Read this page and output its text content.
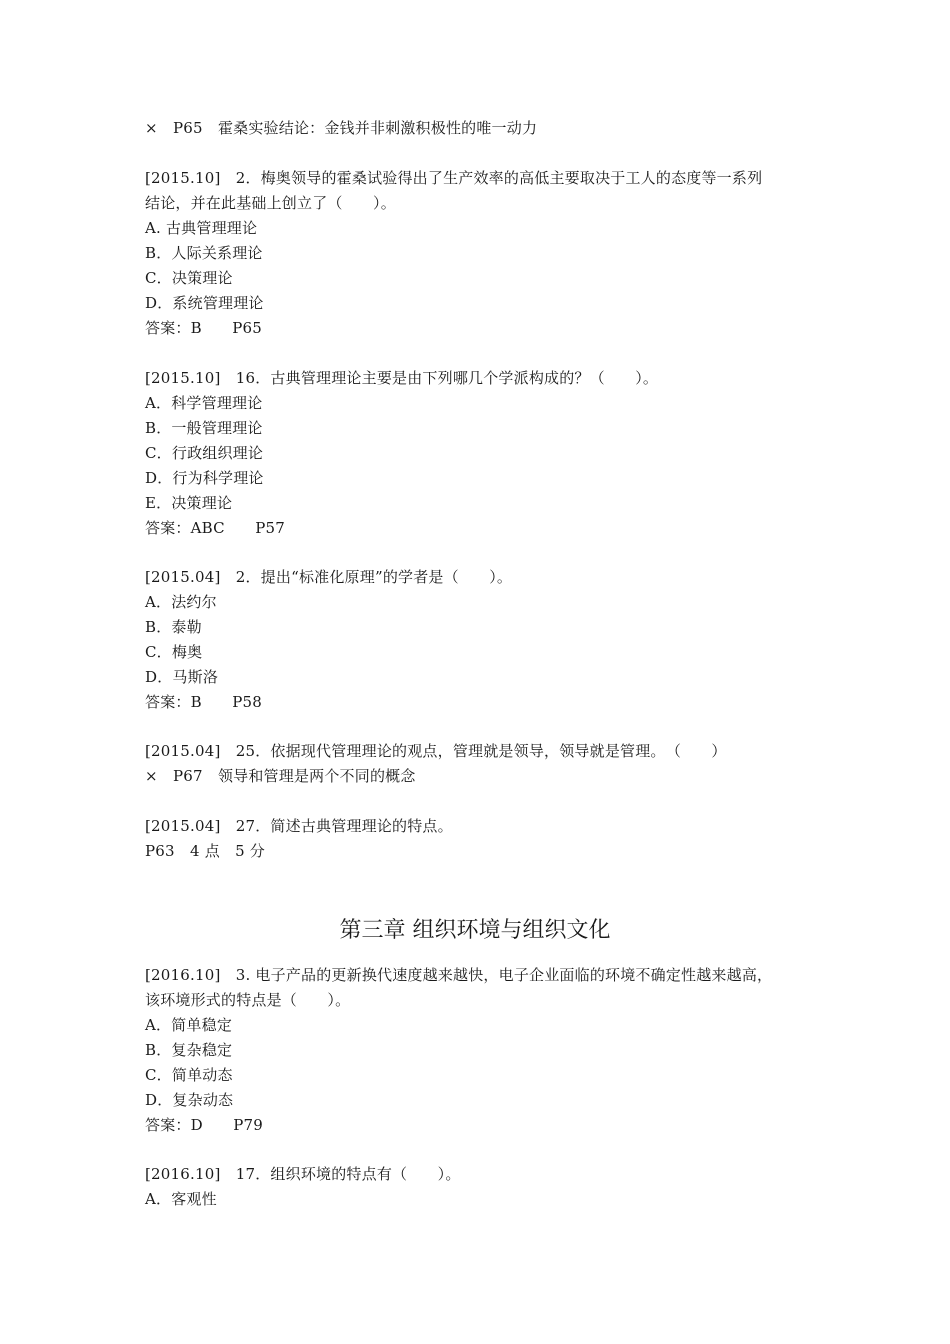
×　P65　霍桑实验结论：金钱并非刺激积极性的唯一动力
[2015.10]　2．梅奥领导的霍桑试验得出了生产效率的高低主要取决于工人的态度等一系列
结论，并在此基础上创立了（　　）。
A. 古典管理理论
B．人际关系理论
C．决策理论
D．系统管理理论
答案：B　　P65
[2015.10]　16．古典管理理论主要是由下列哪几个学派构成的？（　　）。
A．科学管理理论
B．一般管理理论
C．行政组织理论
D．行为科学理论
E．决策理论
答案：ABC　　P57
[2015.04]　2．提出“标准化原理”的学者是（　　）。
A．法约尔
B．泰勒
C．梅奥
D．马斯洛
答案：B　　P58
[2015.04]　25．依据现代管理理论的观点，管理就是领导，领导就是管理。　（　　）
×　P67　领导和管理是两个不同的概念
[2015.04]　27．简述古典管理理论的特点。
P63　4 点　5 分
第三章 组织环境与组织文化
[2016.10]　3. 电子产品的更新换代速度越来越快，电子企业面临的环境不确定性越来越高，
该环境形式的特点是（　　）。
A．简单稳定
B．复杂稳定
C．简单动态
D．复杂动态
答案：D　　P79
[2016.10]　17．组织环境的特点有（　　）。
A．客观性
